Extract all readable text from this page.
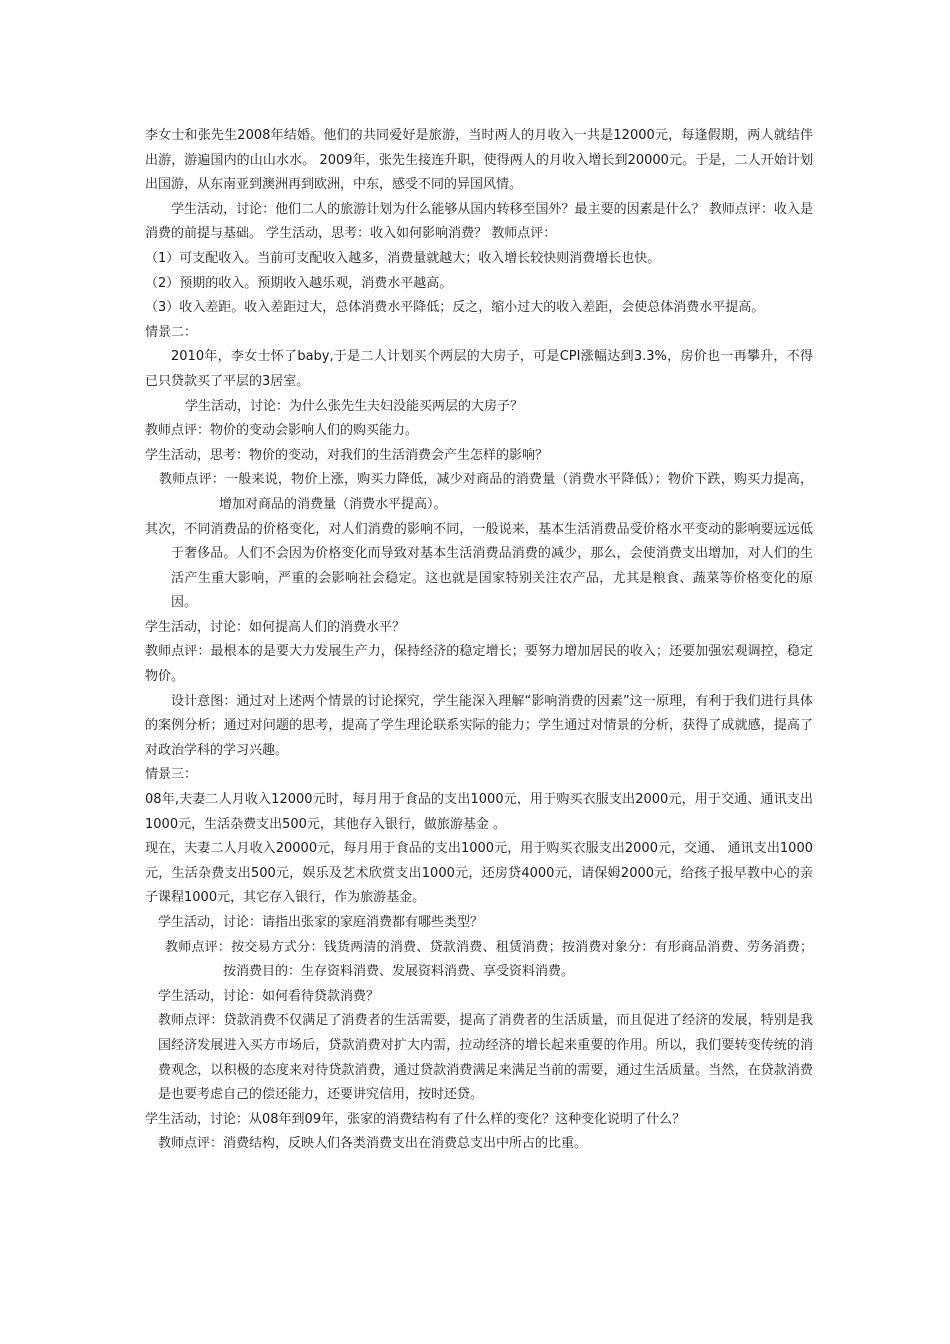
李女士和张先生2008年结婚。他们的共同爱好是旅游，当时两人的月收入一共是12000元，每逢假期，两人就结伴出游，游遍国内的山山水水。 2009年，张先生接连升职，使得两人的月收入增长到20000元。于是，二人开始计划出国游，从东南亚到澳洲再到欧洲，中东，感受不同的异国风情。

学生活动，讨论：他们二人的旅游计划为什么能够从国内转移至国外？最主要的因素是什么？ 教师点评：收入是消费的前提与基础。 学生活动，思考：收入如何影响消费？ 教师点评：

（1）可支配收入。当前可支配收入越多，消费量就越大；收入增长较快则消费增长也快。

（2）预期的收入。预期收入越乐观，消费水平越高。

（3）收入差距。收入差距过大，总体消费水平降低；反之，缩小过大的收入差距，会使总体消费水平提高。

情景二：

2010年，李女士怀了baby,于是二人计划买个两层的大房子，可是CPI涨幅达到3.3%，房价也一再攀升，不得已只贷款买了平层的3居室。

学生活动，讨论：为什么张先生夫妇没能买两层的大房子？

教师点评：物价的变动会影响人们的购买能力。

学生活动，思考：物价的变动，对我们的生活消费会产生怎样的影响？

教师点评：一般来说，物价上涨，购买力降低，减少对商品的消费量（消费水平降低）；物价下跌，购买力提高，增加对商品的消费量（消费水平提高）。

其次，不同消费品的价格变化，对人们消费的影响不同，一般说来，基本生活消费品受价格水平变动的影响要远远低于奢侈品。人们不会因为价格变化而导致对基本生活消费品消费的减少，那么，会使消费支出增加，对人们的生活产生重大影响，严重的会影响社会稳定。这也就是国家特别关注农产品，尤其是粮食、蔬菜等价格变化的原因。

学生活动，讨论：如何提高人们的消费水平？

教师点评：最根本的是要大力发展生产力，保持经济的稳定增长；要努力增加居民的收入；还要加强宏观调控，稳定物价。

设计意图：通过对上述两个情景的讨论探究，学生能深入理解“影响消费的因素”这一原理，有利于我们进行具体的案例分析；通过对问题的思考，提高了学生理论联系实际的能力；学生通过对情景的分析，获得了成就感，提高了对政治学科的学习兴趣。

情景三：

08年,夫妻二人月收入12000元时，每月用于食品的支出1000元，用于购买衣服支出2000元，用于交通、通讯支出1000元，生活杂费支出500元，其他存入银行，做旅游基金 。

现在，夫妻二人月收入20000元，每月用于食品的支出1000元，用于购买衣服支出2000元，交通、 通讯支出1000元，生活杂费支出500元，娱乐及艺术欣赏支出1000元，还房贷4000元，请保姆2000元，给孩子报早教中心的亲子课程1000元，其它存入银行，作为旅游基金。

学生活动，讨论：请指出张家的家庭消费都有哪些类型？

教师点评：按交易方式分：钱货两清的消费、贷款消费、租赁消费；按消费对象分：有形商品消费、劳务消费；按消费目的：生存资料消费、发展资料消费、享受资料消费。

学生活动，讨论：如何看待贷款消费？

教师点评：贷款消费不仅满足了消费者的生活需要，提高了消费者的生活质量，而且促进了经济的发展，特别是我国经济发展进入买方市场后，贷款消费对扩大内需，拉动经济的增长起来重要的作用。所以，我们要转变传统的消费观念，以积极的态度来对待贷款消费，通过贷款消费满足来满足当前的需要，通过生活质量。当然，在贷款消费是也要考虑自己的偿还能力，还要讲究信用，按时还贷。

学生活动，讨论：从08年到09年，张家的消费结构有了什么样的变化？这种变化说明了什么？

教师点评：消费结构，反映人们各类消费支出在消费总支出中所占的比重。
